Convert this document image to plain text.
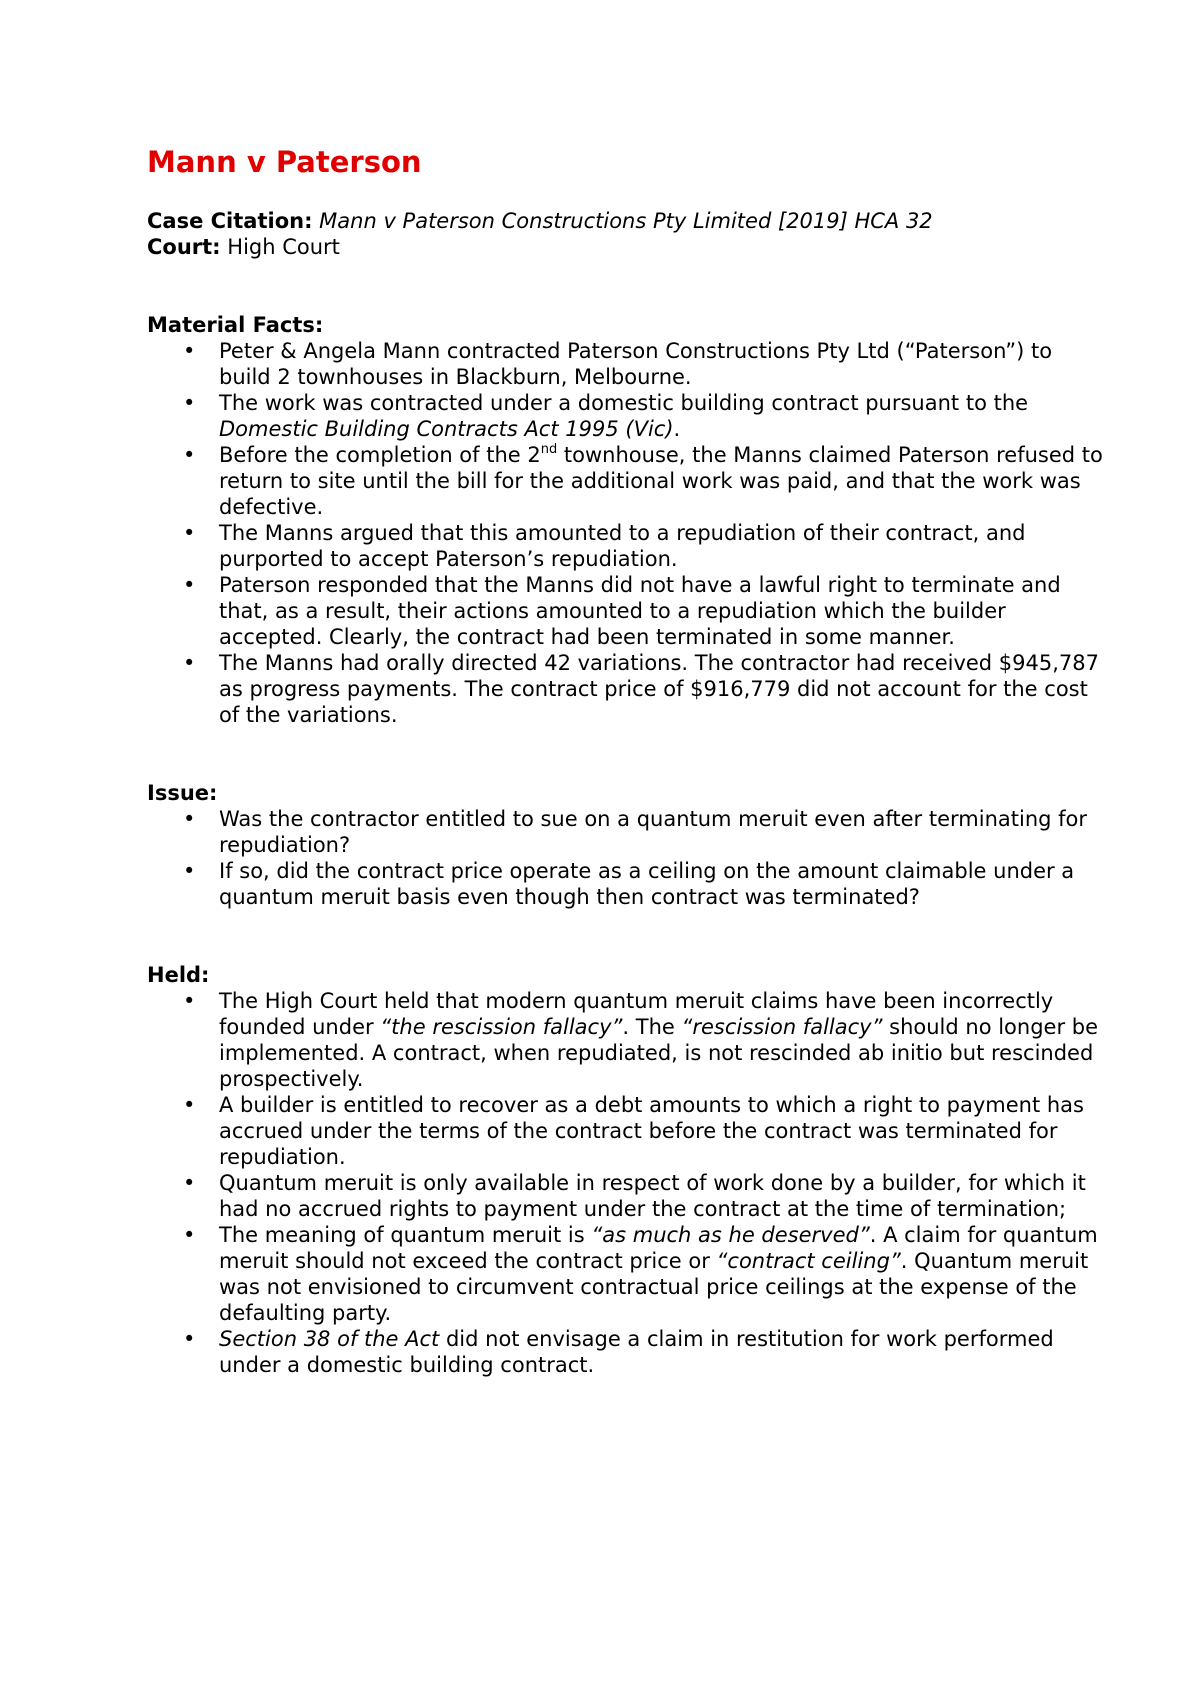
Mann v Paterson

Case Citation: Mann v Paterson Constructions Pty Limited [2019] HCA 32

Court: High Court

Material Facts:

• Peter & Angela Mann contracted Paterson Constructions Pty Ltd (“Paterson”) to build 2 townhouses in Blackburn, Melbourne.
• The work was contracted under a domestic building contract pursuant to the Domestic Building Contracts Act 1995 (Vic).
• Before the completion of the 2nd townhouse, the Manns claimed Paterson refused to return to site until the bill for the additional work was paid, and that the work was defective.
• The Manns argued that this amounted to a repudiation of their contract, and purported to accept Paterson’s repudiation.
• Paterson responded that the Manns did not have a lawful right to terminate and that, as a result, their actions amounted to a repudiation which the builder accepted. Clearly, the contract had been terminated in some manner.
• The Manns had orally directed 42 variations. The contractor had received $945,787 as progress payments. The contract price of $916,779 did not account for the cost of the variations.

Issue:

• Was the contractor entitled to sue on a quantum meruit even after terminating for repudiation?
• If so, did the contract price operate as a ceiling on the amount claimable under a quantum meruit basis even though then contract was terminated?

Held:

• The High Court held that modern quantum meruit claims have been incorrectly founded under “the rescission fallacy”. The “rescission fallacy” should no longer be implemented. A contract, when repudiated, is not rescinded ab initio but rescinded prospectively.
• A builder is entitled to recover as a debt amounts to which a right to payment has accrued under the terms of the contract before the contract was terminated for repudiation.
• Quantum meruit is only available in respect of work done by a builder, for which it had no accrued rights to payment under the contract at the time of termination;
• The meaning of quantum meruit is “as much as he deserved”. A claim for quantum meruit should not exceed the contract price or “contract ceiling”. Quantum meruit was not envisioned to circumvent contractual price ceilings at the expense of the defaulting party.
• Section 38 of the Act did not envisage a claim in restitution for work performed under a domestic building contract.
